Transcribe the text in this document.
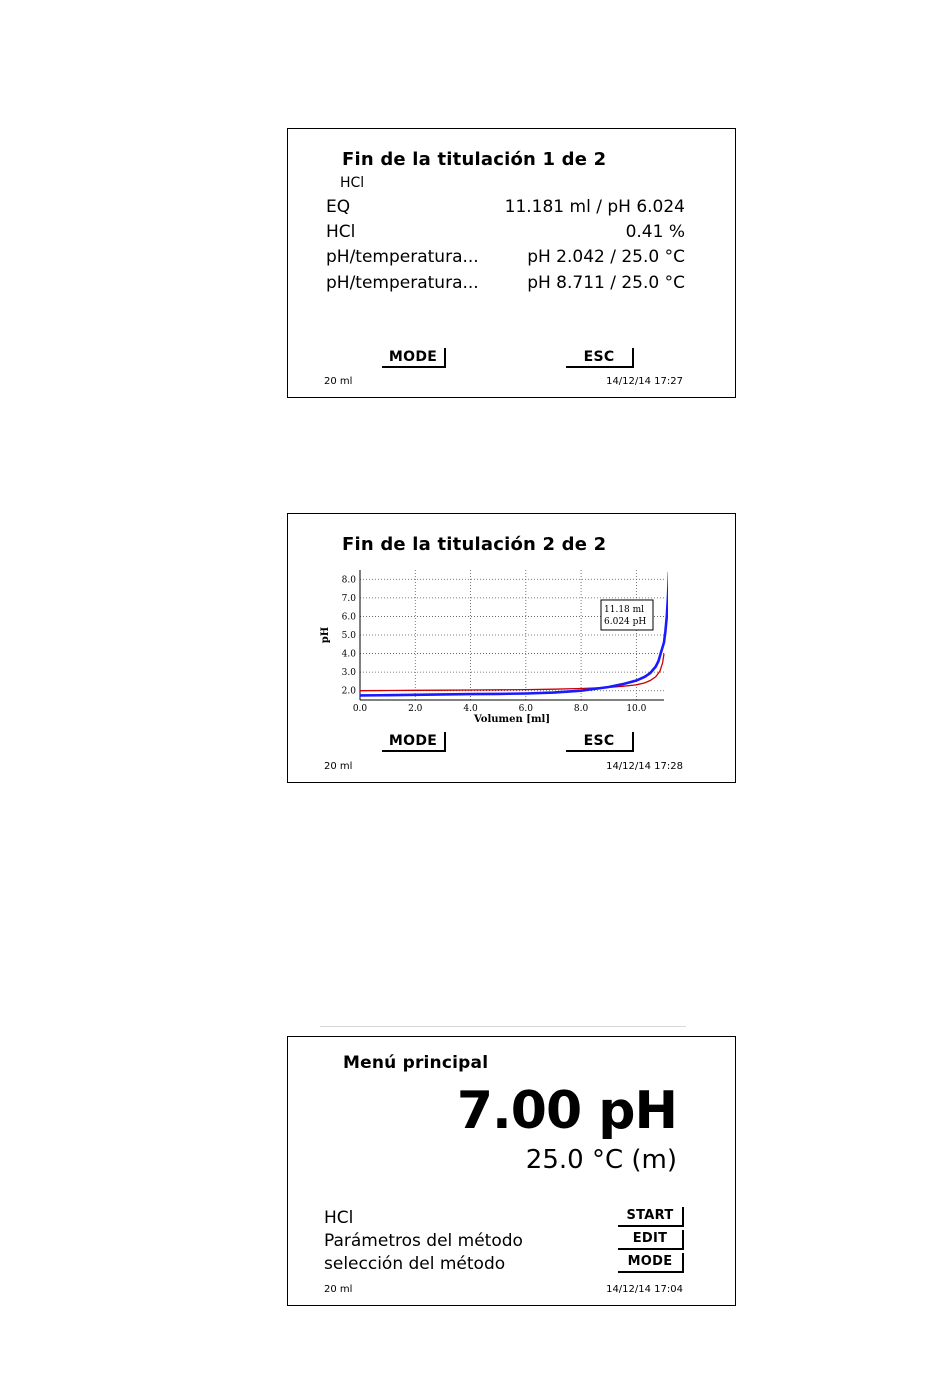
Fin de la titulación 1 de 2
HCl
EQ	11.181 ml / pH 6.024
HCl	0.41 %
pH/temperatura...	pH 2.042 / 25.0 °C
pH/temperatura...	pH 8.711 / 25.0 °C
MODE	ESC
20 ml	14/12/14 17:27
Fin de la titulación 2 de 2
2.0
3.0
4.0
5.0
6.0
7.0
8.0
0.0	2.0	4.0	6.0	8.0	10.0
Volumen [ml]
pH
11.18 ml
6.024 pH
MODE	ESC
20 ml	14/12/14 17:28
Menú principal
7.00 pH
25.0 °C (m)
HCl
Parámetros del método
selección del método
START
EDIT
MODE
20 ml	14/12/14 17:04
